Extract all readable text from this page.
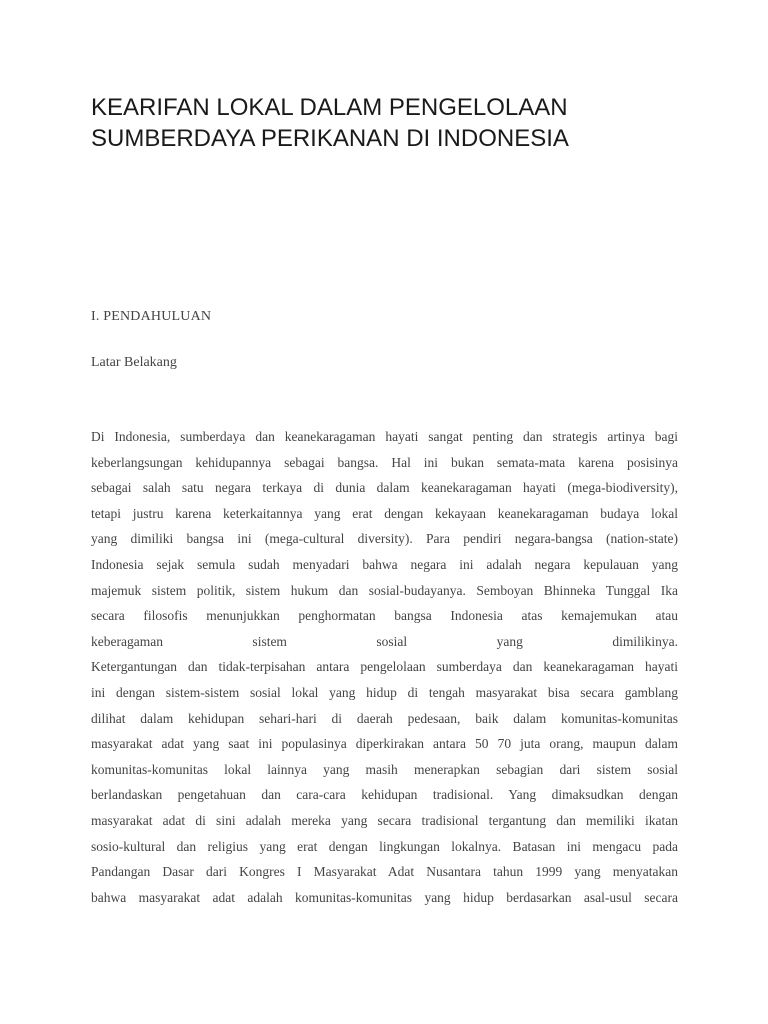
KEARIFAN LOKAL DALAM PENGELOLAAN
SUMBERDAYA PERIKANAN DI INDONESIA
I. PENDAHULUAN
Latar Belakang

Di Indonesia, sumberdaya dan keanekaragaman hayati sangat penting dan strategis artinya bagi
keberlangsungan kehidupannya sebagai bangsa. Hal ini bukan semata-mata karena posisinya
sebagai salah satu negara terkaya di dunia dalam keanekaragaman hayati (mega-biodiversity),
tetapi justru karena keterkaitannya yang erat dengan kekayaan keanekaragaman budaya lokal
yang dimiliki bangsa ini (mega-cultural diversity). Para pendiri negara-bangsa (nation-state)
Indonesia sejak semula sudah menyadari bahwa negara ini adalah negara kepulauan yang
majemuk sistem politik, sistem hukum dan sosial-budayanya. Semboyan Bhinneka Tunggal Ika
secara filosofis menunjukkan penghormatan bangsa Indonesia atas kemajemukan atau
keberagaman sistem sosial yang dimilikinya.
Ketergantungan dan tidak-terpisahan antara pengelolaan sumberdaya dan keanekaragaman hayati
ini dengan sistem-sistem sosial lokal yang hidup di tengah masyarakat bisa secara gamblang
dilihat dalam kehidupan sehari-hari di daerah pedesaan, baik dalam komunitas-komunitas
masyarakat adat yang saat ini populasinya diperkirakan antara 50 70 juta orang, maupun dalam
komunitas-komunitas lokal lainnya yang masih menerapkan sebagian dari sistem sosial
berlandaskan pengetahuan dan cara-cara kehidupan tradisional. Yang dimaksudkan dengan
masyarakat adat di sini adalah mereka yang secara tradisional tergantung dan memiliki ikatan
sosio-kultural dan religius yang erat dengan lingkungan lokalnya. Batasan ini mengacu pada
Pandangan Dasar dari Kongres I Masyarakat Adat Nusantara tahun 1999 yang menyatakan
bahwa masyarakat adat adalah komunitas-komunitas yang hidup berdasarkan asal-usul secara
